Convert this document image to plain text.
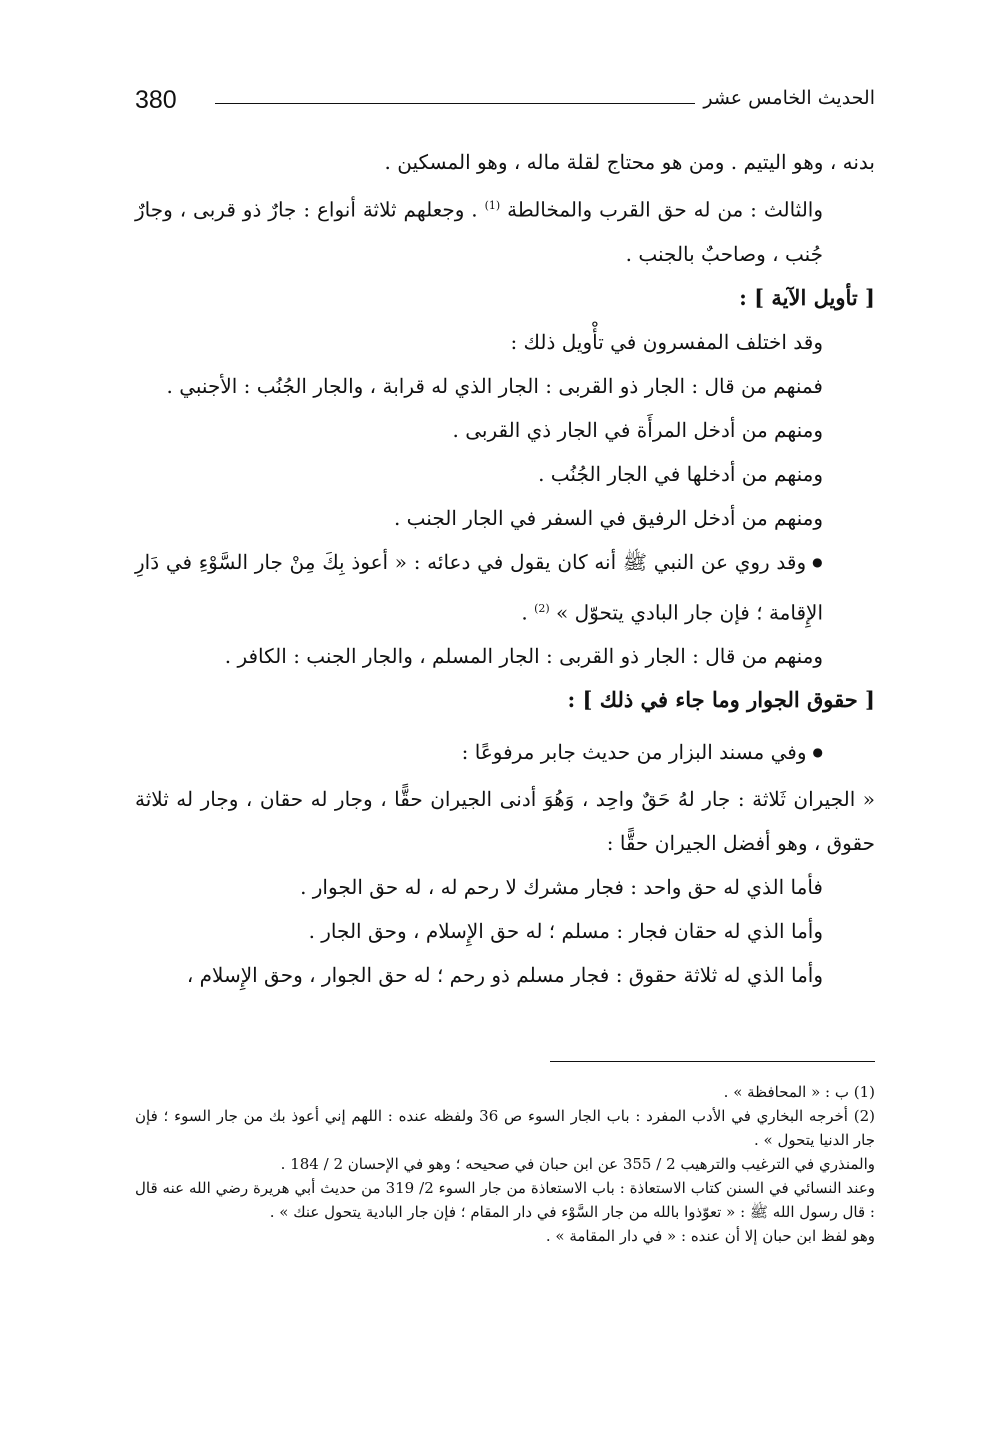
380	الحديث الخامس عشر

بدنه ، وهو اليتيم . ومن هو محتاج لقلة ماله ، وهو المسكين .

والثالث : من له حق القرب والمخالطة $^{(1)}$ . وجعلهم ثلاثة أنواع : جارٌ ذو قربى ، وجارٌ جُنب ، وصاحبٌ بالجنب .

[ تأويل الآية ] :

وقد اختلف المفسرون في تأْويل ذلك :

فمنهم من قال : الجار ذو القربى : الجار الذي له قرابة ، والجار الجُنُب : الأجنبي .

ومنهم من أدخل المرأَة في الجار ذي القربى .

ومنهم من أدخلها في الجار الجُنُب .

ومنهم من أدخل الرفيق في السفر في الجار الجنب .

● وقد روي عن النبي ﷺ أنه كان يقول في دعائه : « أعوذ بِكَ مِنْ جار السَّوْءِ في دَارِ الإِقامة ؛ فإن جار البادي يتحوّل » $^{(2)}$ .

ومنهم من قال : الجار ذو القربى : الجار المسلم ، والجار الجنب : الكافر .

[ حقوق الجوار وما جاء في ذلك ] :

● وفي مسند البزار من حديث جابر مرفوعًا :

« الجيران ثَلاثة : جار لهُ حَقٌ واحِد ، وَهُوَ أدنى الجيران حقًّا ، وجار له حقان ، وجار له ثلاثة حقوق ، وهو أفضل الجيران حقًّا :

فأما الذي له حق واحد : فجار مشرك لا رحم له ، له حق الجوار .

وأما الذي له حقان فجار : مسلم ؛ له حق الإِسلام ، وحق الجار .

وأما الذي له ثلاثة حقوق : فجار مسلم ذو رحم ؛ له حق الجوار ، وحق الإِسلام ،

(1) ب : « المحافظة » .

(2) أخرجه البخاري في الأدب المفرد : باب الجار السوء ص 36 ولفظه عنده : اللهم إني أعوذ بك من جار السوء ؛ فإن جار الدنيا يتحول » .

والمنذري في الترغيب والترهيب 2 / 355 عن ابن حبان في صحيحه ؛ وهو في الإحسان 2 / 184 .

وعند النسائي في السنن كتاب الاستعاذة : باب الاستعاذة من جار السوء 2/ 319 من حديث أبي هريرة رضي الله عنه قال : قال رسول الله ﷺ : « تعوّذوا بالله من جار السَّوْء في دار المقام ؛ فإن جار البادية يتحول عنك » .

وهو لفظ ابن حبان إلا أن عنده : « في دار المقامة » .
